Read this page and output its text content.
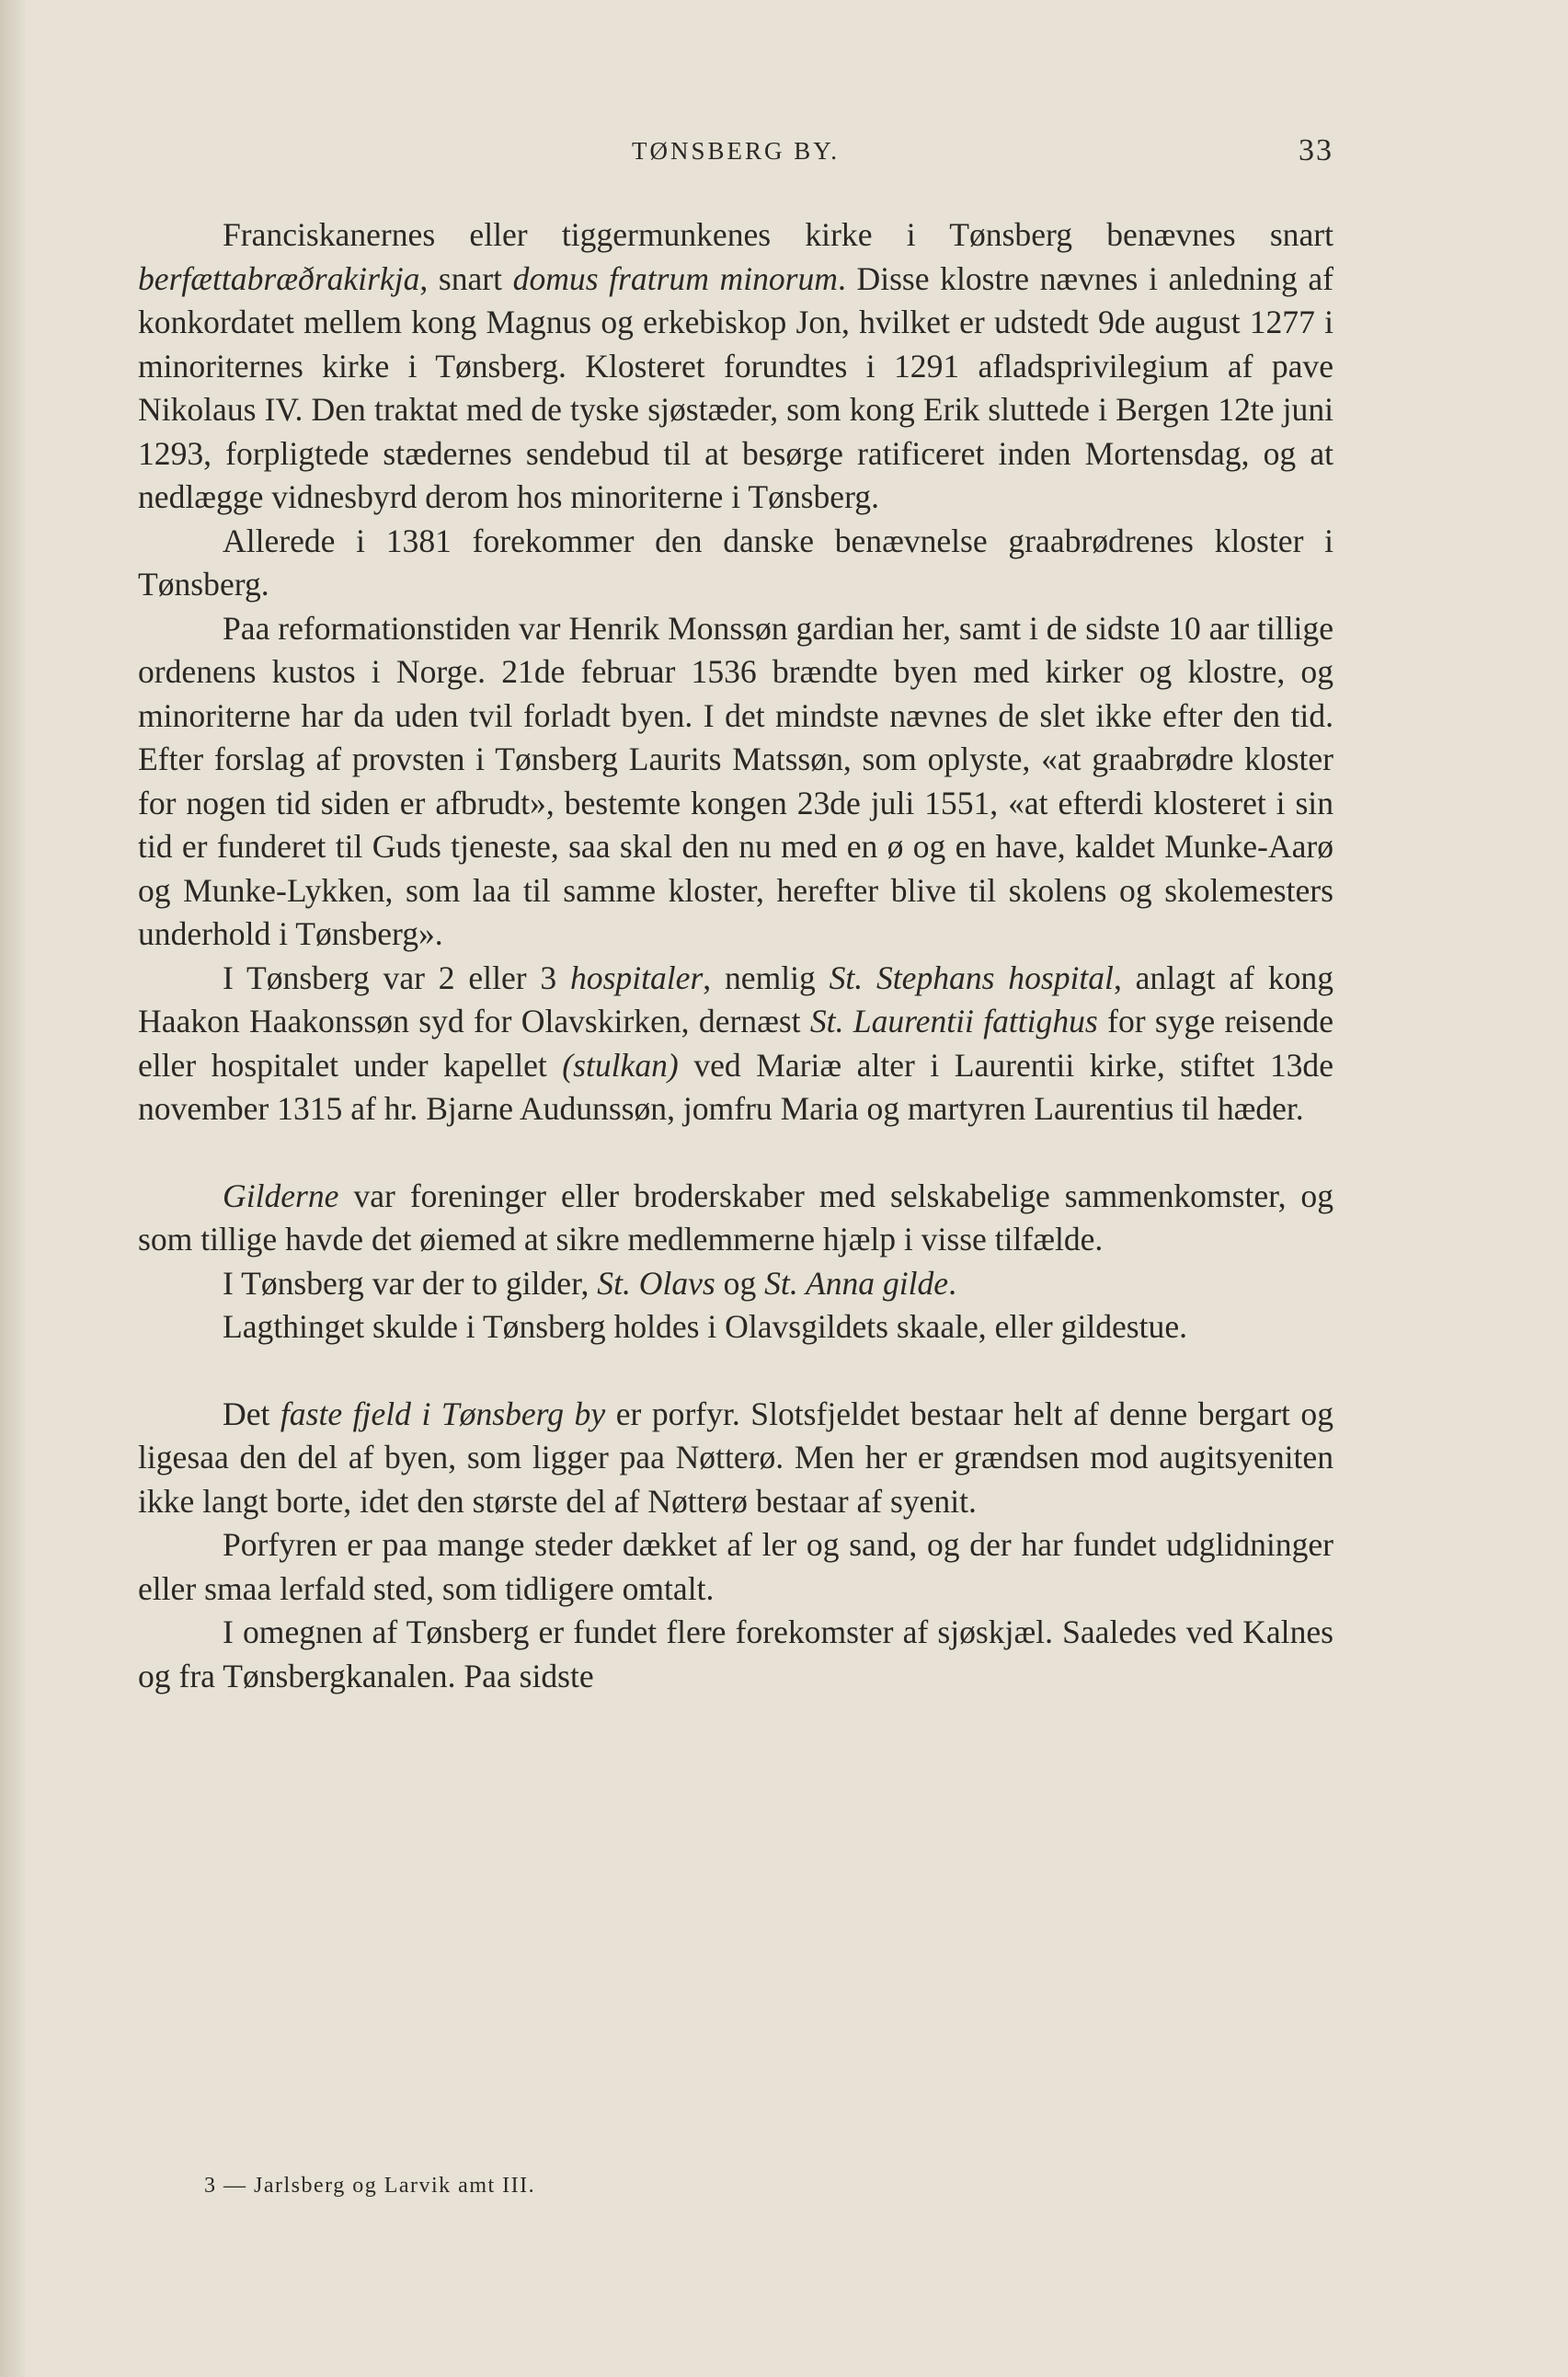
TØNSBERG BY.	33

Franciskanernes eller tiggermunkenes kirke i Tønsberg benævnes snart berfættabræðrakirkja, snart domus fratrum minorum. Disse klostre nævnes i anledning af konkordatet mellem kong Magnus og erkebiskop Jon, hvilket er udstedt 9de august 1277 i minoriternes kirke i Tønsberg. Klosteret forundtes i 1291 afladsprivilegium af pave Nikolaus IV. Den traktat med de tyske sjøstæder, som kong Erik sluttede i Bergen 12te juni 1293, forpligtede stædernes sendebud til at besørge ratificeret inden Mortensdag, og at nedlægge vidnesbyrd derom hos minoriterne i Tønsberg.

Allerede i 1381 forekommer den danske benævnelse graabrødrenes kloster i Tønsberg.

Paa reformationstiden var Henrik Monssøn gardian her, samt i de sidste 10 aar tillige ordenens kustos i Norge. 21de februar 1536 brændte byen med kirker og klostre, og minoriterne har da uden tvil forladt byen. I det mindste nævnes de slet ikke efter den tid. Efter forslag af provsten i Tønsberg Laurits Matssøn, som oplyste, «at graabrødre kloster for nogen tid siden er afbrudt», bestemte kongen 23de juli 1551, «at efterdi klosteret i sin tid er funderet til Guds tjeneste, saa skal den nu med en ø og en have, kaldet Munke-Aarø og Munke-Lykken, som laa til samme kloster, herefter blive til skolens og skolemesters underhold i Tønsberg».

I Tønsberg var 2 eller 3 hospitaler, nemlig St. Stephans hospital, anlagt af kong Haakon Haakonssøn syd for Olavskirken, dernæst St. Laurentii fattighus for syge reisende eller hospitalet under kapellet (stulkan) ved Mariæ alter i Laurentii kirke, stiftet 13de november 1315 af hr. Bjarne Audunssøn, jomfru Maria og martyren Laurentius til hæder.

Gilderne var foreninger eller broderskaber med selskabelige sammenkomster, og som tillige havde det øiemed at sikre medlemmerne hjælp i visse tilfælde.

I Tønsberg var der to gilder, St. Olavs og St. Anna gilde.

Lagthinget skulde i Tønsberg holdes i Olavsgildets skaale, eller gildestue.

Det faste fjeld i Tønsberg by er porfyr. Slotsfjeldet bestaar helt af denne bergart og ligesaa den del af byen, som ligger paa Nøtterø. Men her er grændsen mod augitsyeniten ikke langt borte, idet den største del af Nøtterø bestaar af syenit.

Porfyren er paa mange steder dækket af ler og sand, og der har fundet udglidninger eller smaa lerfald sted, som tidligere omtalt.

I omegnen af Tønsberg er fundet flere forekomster af sjøskjæl. Saaledes ved Kalnes og fra Tønsbergkanalen. Paa sidste

3 — Jarlsberg og Larvik amt III.
